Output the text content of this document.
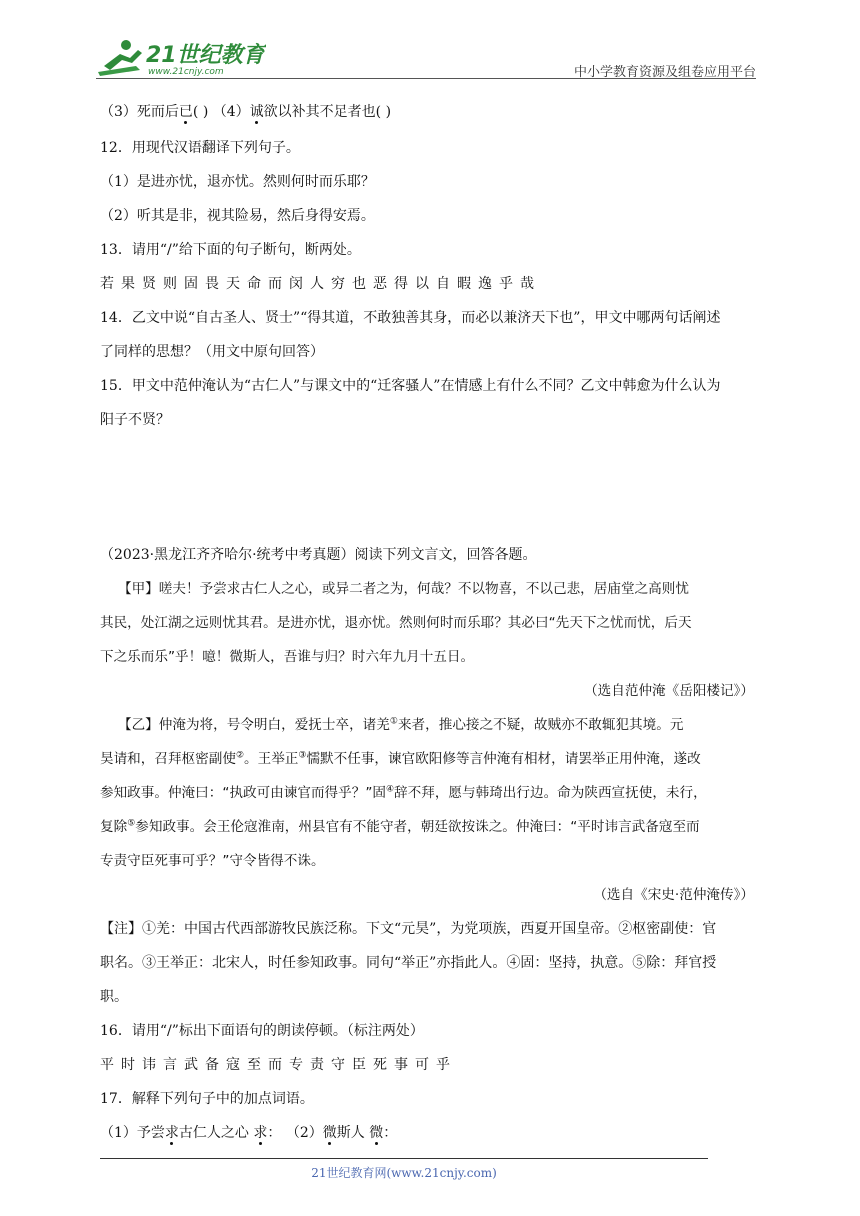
21世纪教育
www.21cnjy.com	中小学教育资源及组卷应用平台
（3）死而后已( ) （4）诚欲以补其不足者也( )
12．用现代汉语翻译下列句子。
（1）是进亦忧，退亦忧。然则何时而乐耶？
（2）听其是非，视其险易，然后身得安焉。
13．请用“/”给下面的句子断句，断两处。
若果贤则固畏天命而闵人穷也恶得以自暇逸乎哉
14．乙文中说“自古圣人、贤士”“得其道，不敢独善其身，而必以兼济天下也”，甲文中哪两句话阐述
了同样的思想？（用文中原句回答）
15．甲文中范仲淹认为“古仁人”与课文中的“迁客骚人”在情感上有什么不同？乙文中韩愈为什么认为
阳子不贤？
（2023·黑龙江齐齐哈尔·统考中考真题）阅读下列文言文，回答各题。
【甲】嗟夫！予尝求古仁人之心，或异二者之为，何哉？不以物喜，不以己悲，居庙堂之高则忧
其民，处江湖之远则忧其君。是进亦忧，退亦忧。然则何时而乐耶？其必曰“先天下之忧而忧，后天
下之乐而乐”乎！噫！微斯人，吾谁与归？时六年九月十五日。
（选自范仲淹《岳阳楼记》）
【乙】仲淹为将，号令明白，爱抚士卒，诸羌①来者，推心接之不疑，故贼亦不敢辄犯其境。元
昊请和，召拜枢密副使②。王举正③懦默不任事，谏官欧阳修等言仲淹有相材，请罢举正用仲淹，遂改
参知政事。仲淹曰：“执政可由谏官而得乎？”固④辞不拜，愿与韩琦出行边。命为陕西宣抚使，未行，
复除⑤参知政事。会王伦寇淮南，州县官有不能守者，朝廷欲按诛之。仲淹曰：“平时讳言武备寇至而
专责守臣死事可乎？”守令皆得不诛。
（选自《宋史·范仲淹传》）
【注】①羌：中国古代西部游牧民族泛称。下文“元昊”，为党项族，西夏开国皇帝。②枢密副使：官
职名。③王举正：北宋人，时任参知政事。同句“举正”亦指此人。④固：坚持，执意。⑤除：拜官授
职。
16．请用“/”标出下面语句的朗读停顿。（标注两处）
平时讳言武备寇至而专责守臣死事可乎
17．解释下列句子中的加点词语。
（1）予尝求古仁人之心 求： （2）微斯人 微：
21世纪教育网(www.21cnjy.com)
